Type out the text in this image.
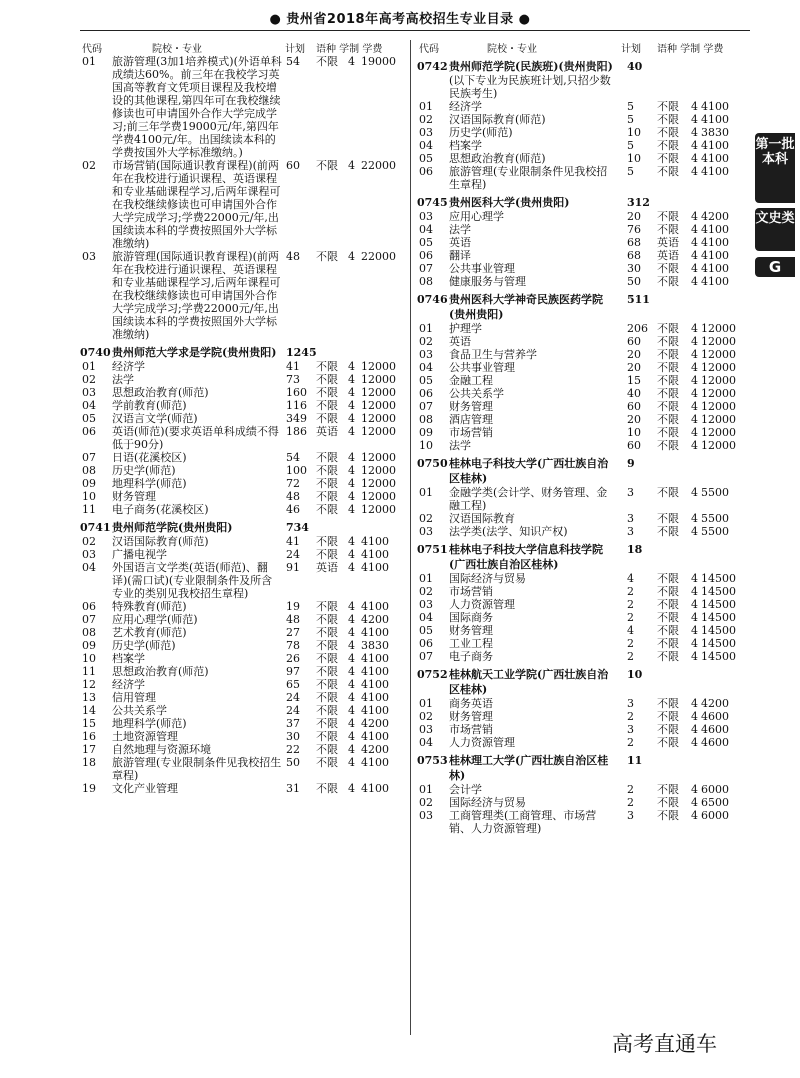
● 贵州省2018年高考高校招生专业目录 ●
代码	院校・专业	计划 语种 学制 学费
01 旅游管理(3加1培养模式)(外语单科成绩达60%。前三年在我校学习英国高等教育文凭项目课程及我校增设的其他课程,第四年可在我校继续修读也可申请国外合作大学完成学习;前三年学费19000元/年,第四年学费4100元/年。出国续读本科的学费按国外大学标准缴纳。)
54 不限 4 19000
02 市场营销(国际通识教育课程)(前两年在我校进行通识课程、英语课程和专业基础课程学习,后两年课程可在我校继续修读也可申请国外合作大学完成学习;学费22000元/年,出国续读本科的学费按照国外大学标准缴纳)
60 不限 4 22000
03 旅游管理(国际通识教育课程)(前两年在我校进行通识课程、英语课程和专业基础课程学习,后两年课程可在我校继续修读也可申请国外合作大学完成学习;学费22000元/年,出国续读本科的学费按照国外大学标准缴纳)
48 不限 4 22000
0740 贵州师范大学求是学院(贵州贵阳) 1245
01 经济学	41 不限 4 12000
02 法学	73 不限 4 12000
03 思想政治教育(师范)	160 不限 4 12000
04 学前教育(师范)	116 不限 4 12000
05 汉语言文学(师范)	349 不限 4 12000
06 英语(师范)(要求英语单科成绩不得低于90分)
186 英语 4 12000
07 日语(花溪校区)	54 不限 4 12000
08 历史学(师范)	100 不限 4 12000
09 地理科学(师范)	72 不限 4 12000
10 财务管理	48 不限 4 12000
11 电子商务(花溪校区)	46 不限 4 12000
0741 贵州师范学院(贵州贵阳)	734
02 汉语国际教育(师范)	41 不限 4 4100
03 广播电视学	24 不限 4 4100
04 外国语言文学类(英语(师范)、翻译)(需口试)(专业限制条件及所含专业的类别见我校招生章程)
91 英语 4 4100
06 特殊教育(师范)	19 不限 4 4100
07 应用心理学(师范)	48 不限 4 4200
08 艺术教育(师范)	27 不限 4 4100
09 历史学(师范)	78 不限 4 3830
10 档案学	26 不限 4 4100
11 思想政治教育(师范)	97 不限 4 4100
12 经济学	65 不限 4 4100
13 信用管理	24 不限 4 4100
14 公共关系学	24 不限 4 4100
15 地理科学(师范)	37 不限 4 4200
16 土地资源管理	30 不限 4 4100
17 自然地理与资源环境	22 不限 4 4200
18 旅游管理(专业限制条件见我校招生章程)
50 不限 4 4100
19 文化产业管理	31 不限 4 4100
代码	院校・专业	计划 语种 学制 学费
0742 贵州师范学院(民族班)(贵州贵阳)	40
(以下专业为民族班计划,只招少数民族考生)
01 经济学	5 不限 4 4100
02 汉语国际教育(师范)	5 不限 4 4100
03 历史学(师范)	10 不限 4 3830
04 档案学	5 不限 4 4100
05 思想政治教育(师范)	10 不限 4 4100
06 旅游管理(专业限制条件见我校招生章程)
5 不限 4 4100
0745 贵州医科大学(贵州贵阳)	312
03 应用心理学	20 不限 4 4200
04 法学	76 不限 4 4100
05 英语	68 英语 4 4100
06 翻译	68 英语 4 4100
07 公共事业管理	30 不限 4 4100
08 健康服务与管理	50 不限 4 4100
0746 贵州医科大学神奇民族医药学院(贵州贵阳)
511
01 护理学	206 不限 4 12000
02 英语	60 不限 4 12000
03 食品卫生与营养学	20 不限 4 12000
04 公共事业管理	20 不限 4 12000
05 金融工程	15 不限 4 12000
06 公共关系学	40 不限 4 12000
07 财务管理	60 不限 4 12000
08 酒店管理	20 不限 4 12000
09 市场营销	10 不限 4 12000
10 法学	60 不限 4 12000
0750 桂林电子科技大学(广西壮族自治区桂林)
9
01 金融学类(会计学、财务管理、金融工程)
3 不限 4 5500
02 汉语国际教育	3 不限 4 5500
03 法学类(法学、知识产权)	3 不限 4 5500
0751 桂林电子科技大学信息科技学院(广西壮族自治区桂林)
18
01 国际经济与贸易	4 不限 4 14500
02 市场营销	2 不限 4 14500
03 人力资源管理	2 不限 4 14500
04 国际商务	2 不限 4 14500
05 财务管理	4 不限 4 14500
06 工业工程	2 不限 4 14500
07 电子商务	2 不限 4 14500
0752 桂林航天工业学院(广西壮族自治区桂林)
10
01 商务英语	3 不限 4 4200
02 财务管理	2 不限 4 4600
03 市场营销	3 不限 4 4600
04 人力资源管理	2 不限 4 4600
0753 桂林理工大学(广西壮族自治区桂林)
11
01 会计学	2 不限 4 6000
02 国际经济与贸易	2 不限 4 6500
03 工商管理类(工商管理、市场营销、人力资源管理)
3 不限 4 6000
第一批本科
文史类
G
高考直通车
